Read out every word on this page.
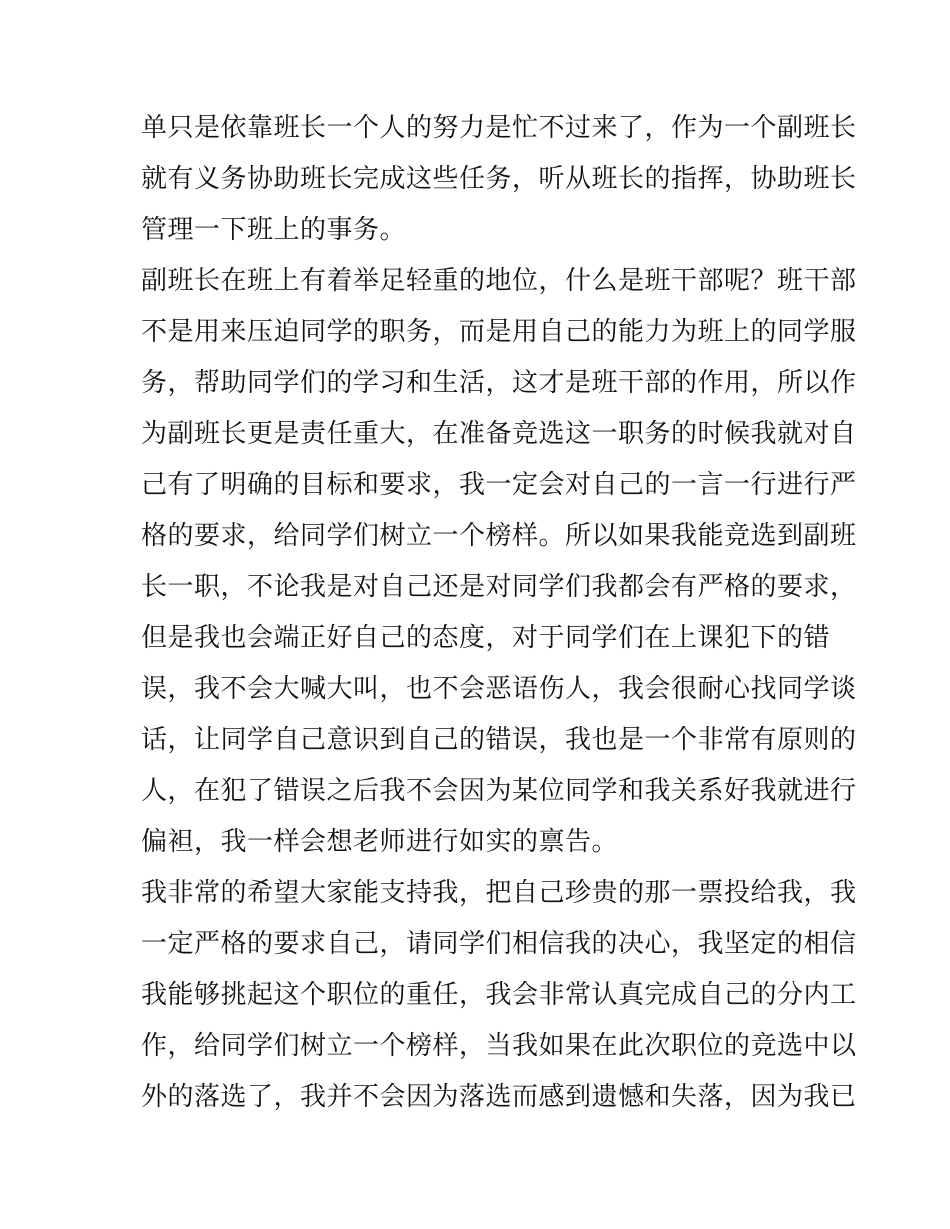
单只是依靠班长一个人的努力是忙不过来了，作为一个副班长
就有义务协助班长完成这些任务，听从班长的指挥，协助班长
管理一下班上的事务。
副班长在班上有着举足轻重的地位，什么是班干部呢？班干部
不是用来压迫同学的职务，而是用自己的能力为班上的同学服
务，帮助同学们的学习和生活，这才是班干部的作用，所以作
为副班长更是责任重大，在准备竞选这一职务的时候我就对自
己有了明确的目标和要求，我一定会对自己的一言一行进行严
格的要求，给同学们树立一个榜样。所以如果我能竞选到副班
长一职，不论我是对自己还是对同学们我都会有严格的要求，
但是我也会端正好自己的态度，对于同学们在上课犯下的错
误，我不会大喊大叫，也不会恶语伤人，我会很耐心找同学谈
话，让同学自己意识到自己的错误，我也是一个非常有原则的
人，在犯了错误之后我不会因为某位同学和我关系好我就进行
偏袒，我一样会想老师进行如实的禀告。
我非常的希望大家能支持我，把自己珍贵的那一票投给我，我
一定严格的要求自己，请同学们相信我的决心，我坚定的相信
我能够挑起这个职位的重任，我会非常认真完成自己的分内工
作，给同学们树立一个榜样，当我如果在此次职位的竞选中以
外的落选了，我并不会因为落选而感到遗憾和失落，因为我已
